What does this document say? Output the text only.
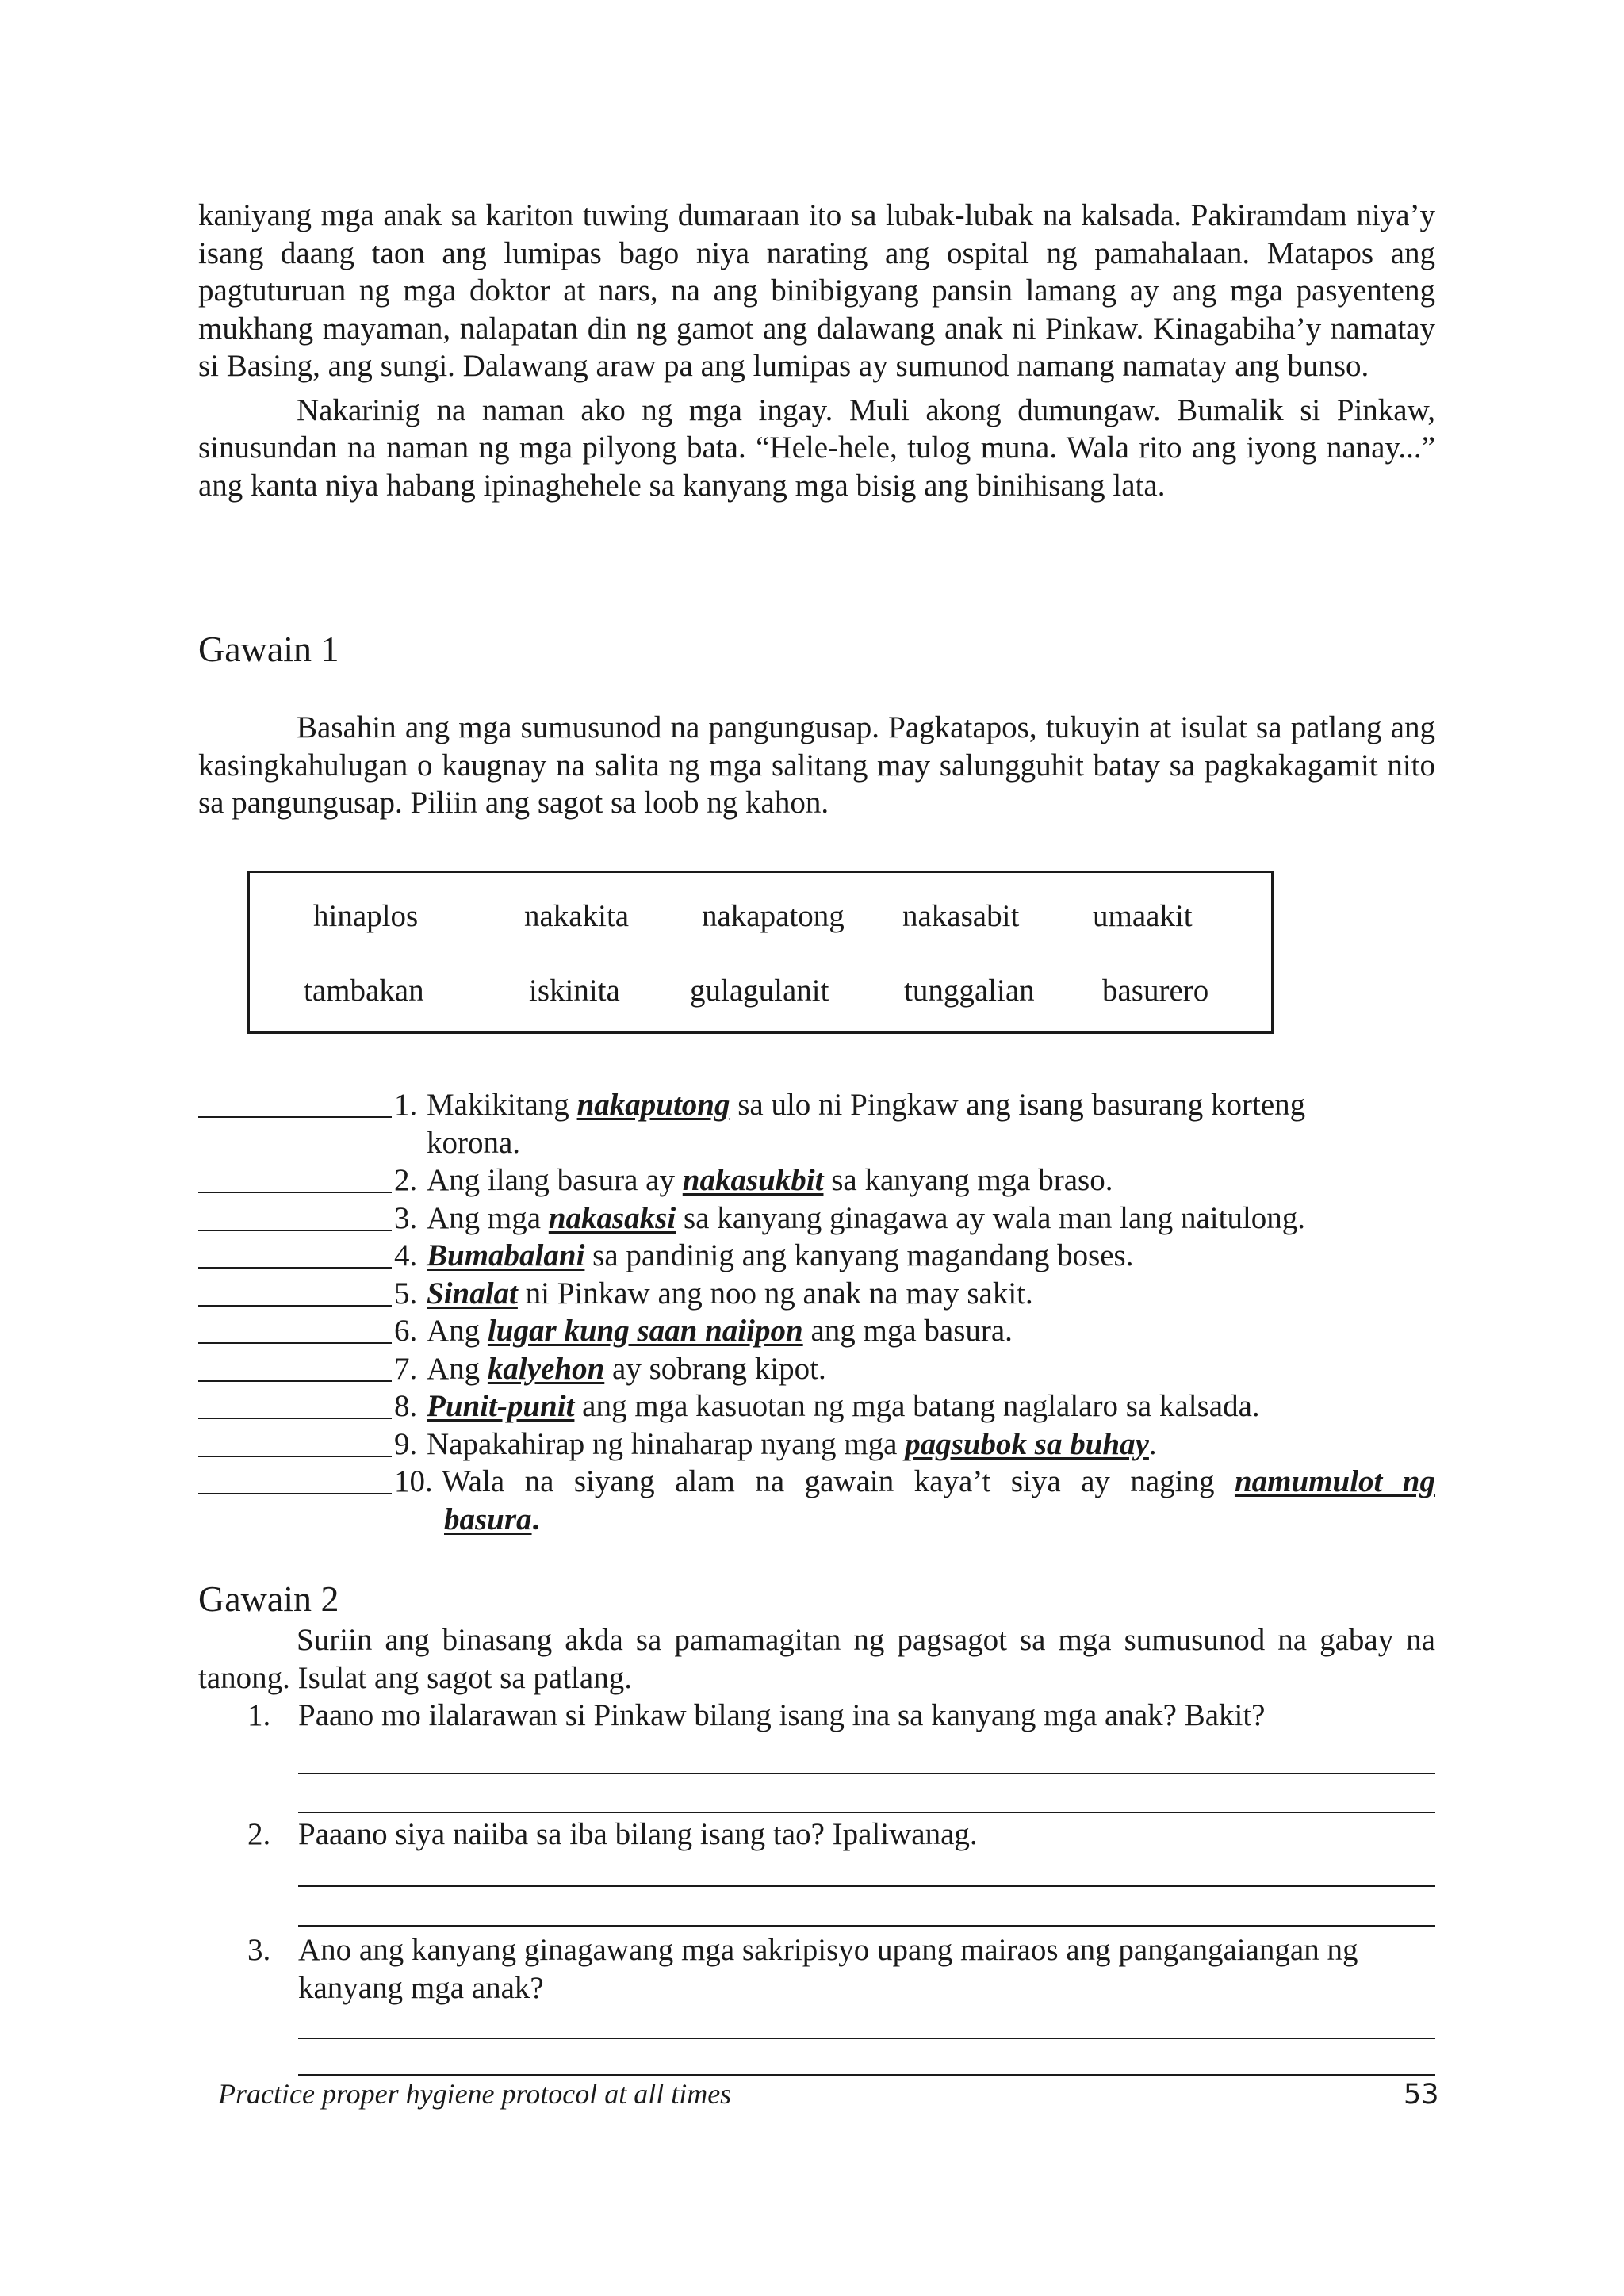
kaniyang mga anak sa kariton tuwing dumaraan ito sa lubak-lubak na kalsada. Pakiramdam niya’y isang daang taon ang lumipas bago niya narating ang ospital ng pamahalaan. Matapos ang pagtuturuan ng mga doktor at nars, na ang binibigyang pansin lamang ay ang mga pasyenteng mukhang mayaman, nalapatan din ng gamot ang dalawang anak ni Pinkaw. Kinagabiha’y namatay si Basing, ang sungi. Dalawang araw pa ang lumipas ay sumunod namang namatay ang bunso.

Nakarinig na naman ako ng mga ingay. Muli akong dumungaw. Bumalik si Pinkaw, sinusundan na naman ng mga pilyong bata. “Hele-hele, tulog muna. Wala rito ang iyong nanay...” ang kanta niya habang ipinaghehele sa kanyang mga bisig ang binihisang lata.

Gawain 1

Basahin ang mga sumusunod na pangungusap. Pagkatapos, tukuyin at isulat sa patlang ang kasingkahulugan o kaugnay na salita ng mga salitang may salungguhit batay sa pagkakagamit nito sa pangungusap. Piliin ang sagot sa loob ng kahon.

hinaplos	nakakita nakapatong nakasabit umaakit
tambakan	iskinita gulagulanit tunggalian basurero
1. Makikitang nakaputong sa ulo ni Pingkaw ang isang basurang korteng
korona.
2. Ang ilang basura ay nakasukbit sa kanyang mga braso.
3. Ang mga nakasaksi sa kanyang ginagawa ay wala man lang naitulong.
4. Bumabalani sa pandinig ang kanyang magandang boses.
5. Sinalat ni Pinkaw ang noo ng anak na may sakit.
6. Ang lugar kung saan naiipon ang mga basura.
7. Ang kalyehon ay sobrang kipot.
8. Punit-punit ang mga kasuotan ng mga batang naglalaro sa kalsada.
9. Napakahirap ng hinaharap nyang mga pagsubok sa buhay.
10. Wala na siyang alam na gawain kaya’t siya ay naging namumulot ng
basura.
Gawain 2

Suriin ang binasang akda sa pamamagitan ng pagsagot sa mga sumusunod na gabay na tanong. Isulat ang sagot sa patlang.

1. Paano mo ilalarawan si Pinkaw bilang isang ina sa kanyang mga anak? Bakit?
2. Paaano siya naiiba sa iba bilang isang tao? Ipaliwanag.
3. Ano ang kanyang ginagawang mga sakripisyo upang mairaos ang pangangaiangan ng kanyang mga anak?
Practice proper hygiene protocol at all times	53
